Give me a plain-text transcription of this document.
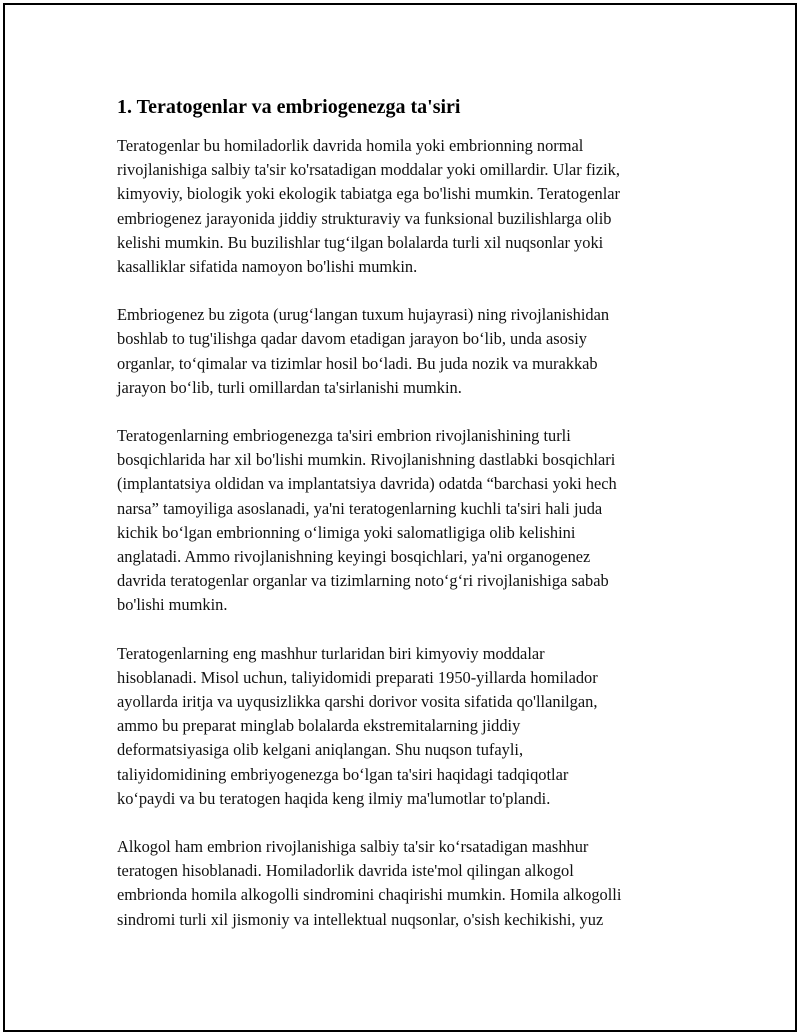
1. Teratogenlar va embriogenezga ta'siri
Teratogenlar bu homiladorlik davrida homila yoki embrionning normal
rivojlanishiga salbiy ta'sir ko'rsatadigan moddalar yoki omillardir. Ular fizik,
kimyoviy, biologik yoki ekologik tabiatga ega bo'lishi mumkin. Teratogenlar
embriogenez jarayonida jiddiy strukturaviy va funksional buzilishlarga olib
kelishi mumkin. Bu buzilishlar tug‘ilgan bolalarda turli xil nuqsonlar yoki
kasalliklar sifatida namoyon bo'lishi mumkin.
Embriogenez bu zigota (urug‘langan tuxum hujayrasi) ning rivojlanishidan
boshlab to tug'ilishga qadar davom etadigan jarayon bo‘lib, unda asosiy
organlar, to‘qimalar va tizimlar hosil bo‘ladi. Bu juda nozik va murakkab
jarayon bo‘lib, turli omillardan ta'sirlanishi mumkin.
Teratogenlarning embriogenezga ta'siri embrion rivojlanishining turli
bosqichlarida har xil bo'lishi mumkin. Rivojlanishning dastlabki bosqichlari
(implantatsiya oldidan va implantatsiya davrida) odatda “barchasi yoki hech
narsa” tamoyiliga asoslanadi, ya'ni teratogenlarning kuchli ta'siri hali juda
kichik bo‘lgan embrionning o‘limiga yoki salomatligiga olib kelishini
anglatadi. Ammo rivojlanishning keyingi bosqichlari, ya'ni organogenez
davrida teratogenlar organlar va tizimlarning noto‘g‘ri rivojlanishiga sabab
bo'lishi mumkin.
Teratogenlarning eng mashhur turlaridan biri kimyoviy moddalar
hisoblanadi. Misol uchun, taliyidomidi preparati 1950-yillarda homilador
ayollarda iritja va uyqusizlikka qarshi dorivor vosita sifatida qo'llanilgan,
ammo bu preparat minglab bolalarda ekstremitalarning jiddiy
deformatsiyasiga olib kelgani aniqlangan. Shu nuqson tufayli,
taliyidomidining embriyogenezga bo‘lgan ta'siri haqidagi tadqiqotlar
ko‘paydi va bu teratogen haqida keng ilmiy ma'lumotlar to'plandi.
Alkogol ham embrion rivojlanishiga salbiy ta'sir ko‘rsatadigan mashhur
teratogen hisoblanadi. Homiladorlik davrida iste'mol qilingan alkogol
embrionda homila alkogolli sindromini chaqirishi mumkin. Homila alkogolli
sindromi turli xil jismoniy va intellektual nuqsonlar, o'sish kechikishi, yuz
